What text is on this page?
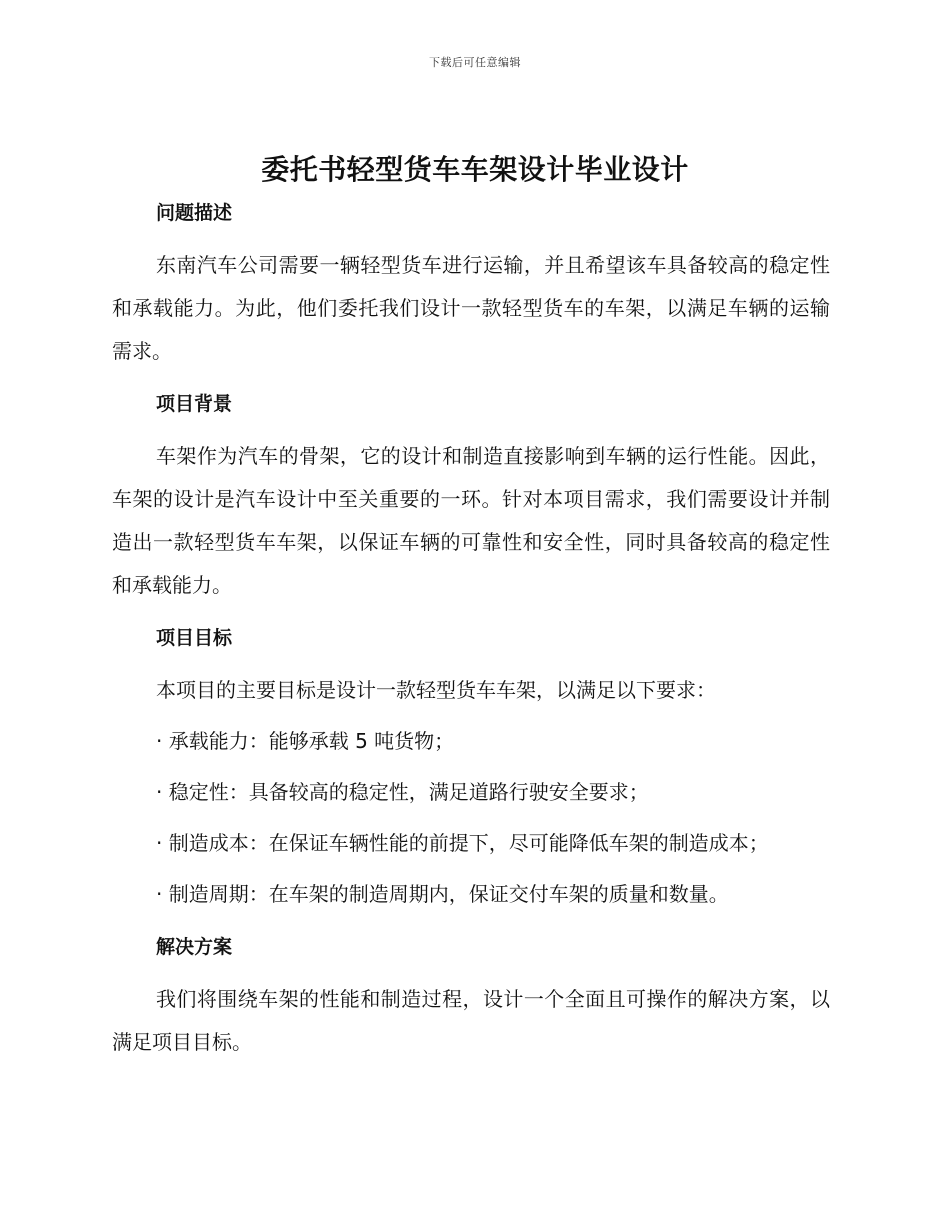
下载后可任意编辑
委托书轻型货车车架设计毕业设计
问题描述

东南汽车公司需要一辆轻型货车进行运输，并且希望该车具备较高的稳定性和承载能力。为此，他们委托我们设计一款轻型货车的车架，以满足车辆的运输需求。

项目背景

车架作为汽车的骨架，它的设计和制造直接影响到车辆的运行性能。因此，车架的设计是汽车设计中至关重要的一环。针对本项目需求，我们需要设计并制造出一款轻型货车车架，以保证车辆的可靠性和安全性，同时具备较高的稳定性和承载能力。

项目目标

本项目的主要目标是设计一款轻型货车车架，以满足以下要求：

· 承载能力：能够承载 5 吨货物；

· 稳定性：具备较高的稳定性，满足道路行驶安全要求；

· 制造成本：在保证车辆性能的前提下，尽可能降低车架的制造成本；

· 制造周期：在车架的制造周期内，保证交付车架的质量和数量。

解决方案

我们将围绕车架的性能和制造过程，设计一个全面且可操作的解决方案，以满足项目目标。
